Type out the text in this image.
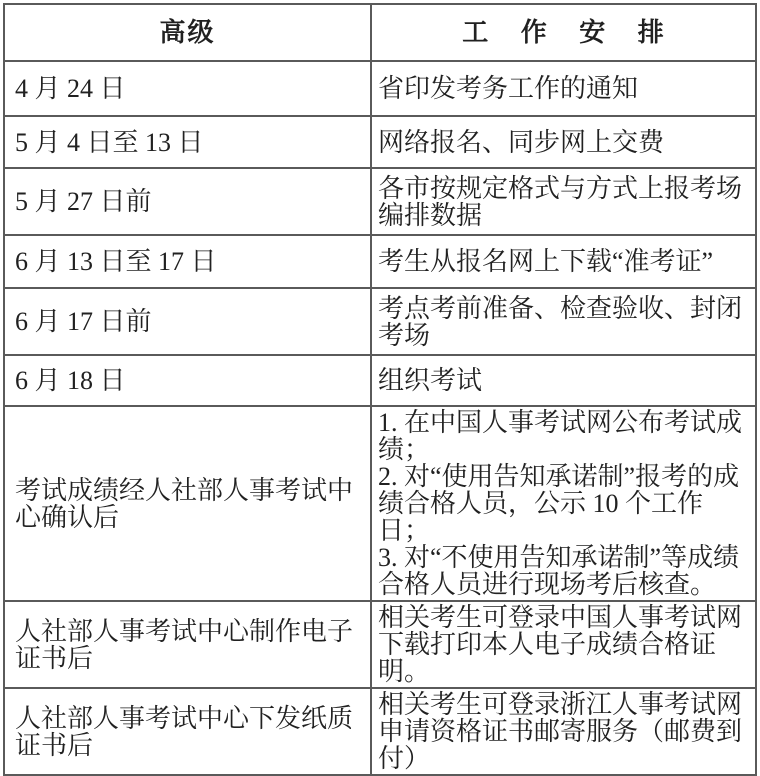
高级	工 作 安 排
4 月 24 日	省印发考务工作的通知

5 月 4 日至 13 日	网络报名、同步网上交费

5 月 27 日前	各市按规定格式与方式上报考场编排数据

6 月 13 日至 17 日	考生从报名网上下载“准考证”

6 月 17 日前	考点考前准备、检查验收、封闭考场

6 月 18 日	组织考试

考试成绩经人社部人事考试中心确认后	1. 在中国人事考试网公布考试成绩；
2. 对“使用告知承诺制”报考的成绩合格人员，公示 10 个工作日；
3. 对“不使用告知承诺制”等成绩合格人员进行现场考后核查。

人社部人事考试中心制作电子证书后	相关考生可登录中国人事考试网下载打印本人电子成绩合格证明。

人社部人事考试中心下发纸质证书后	相关考生可登录浙江人事考试网申请资格证书邮寄服务（邮费到付）
